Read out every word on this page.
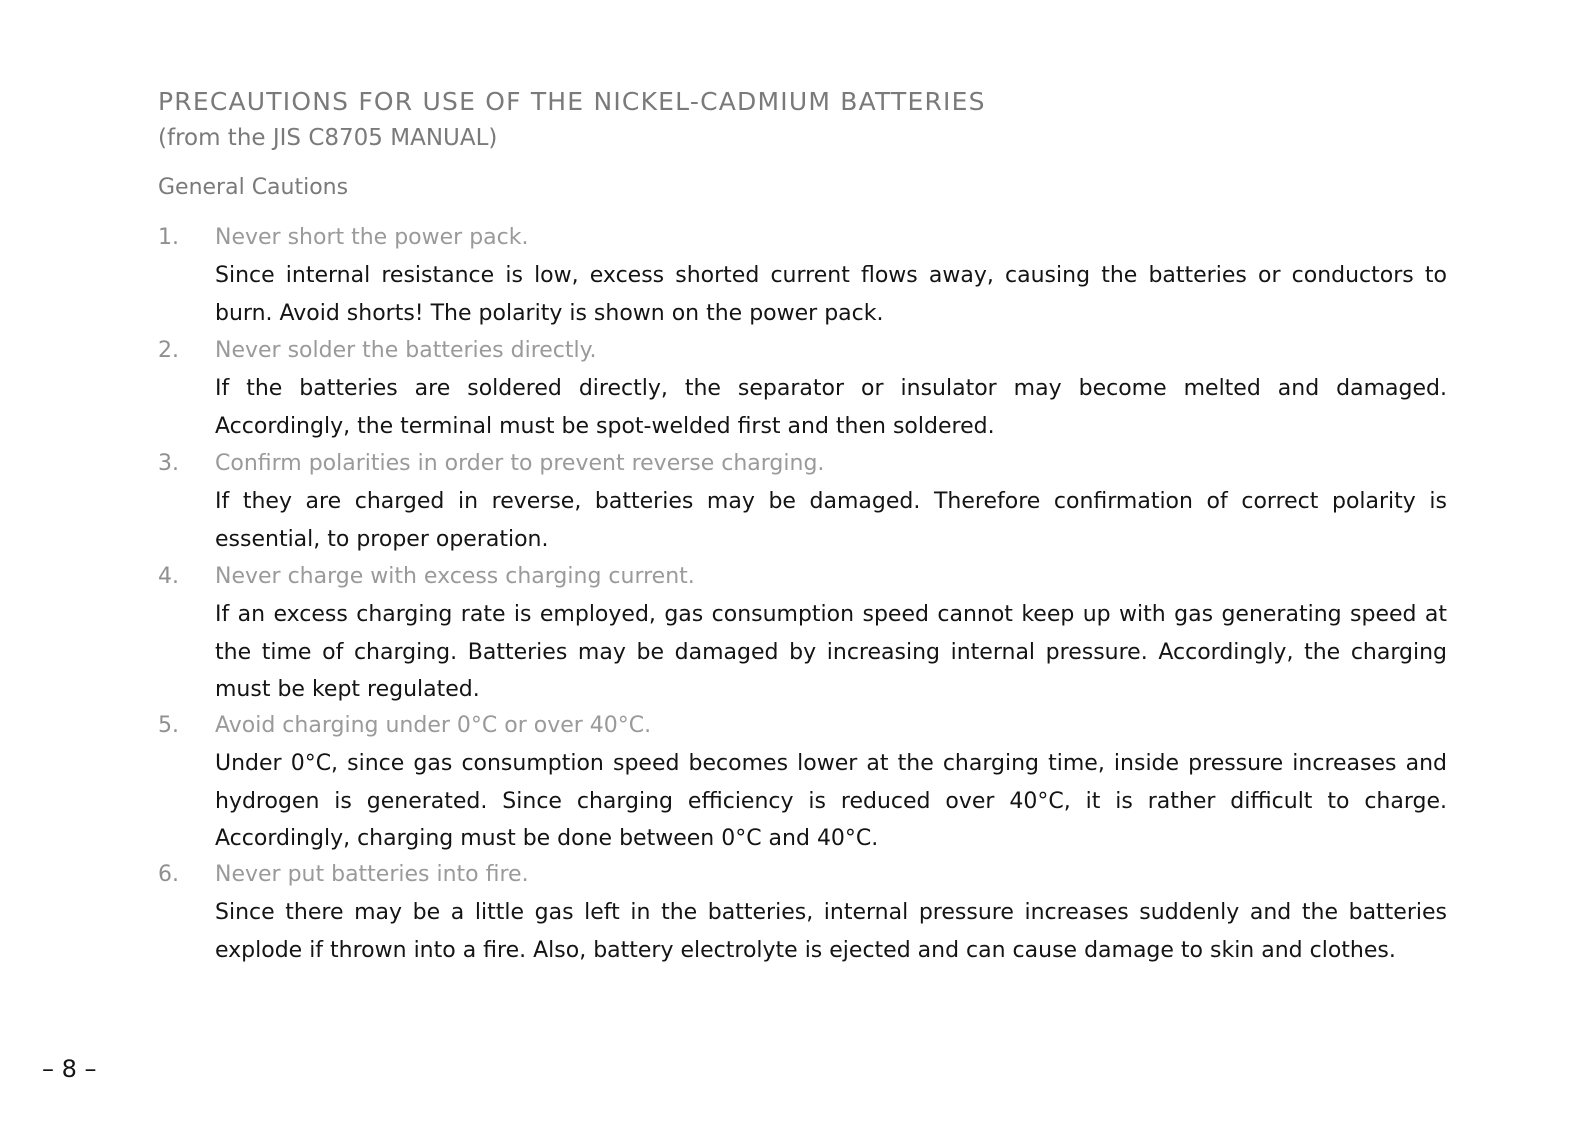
PRECAUTIONS FOR USE OF THE NICKEL-CADMIUM BATTERIES
(from the JIS C8705 MANUAL)
General Cautions
1.	Never short the power pack.
Since internal resistance is low, excess shorted current flows away, causing the batteries or conductors to burn. Avoid shorts! The polarity is shown on the power pack.
2.	Never solder the batteries directly.
If the batteries are soldered directly, the separator or insulator may become melted and damaged. Accordingly, the terminal must be spot-welded first and then soldered.
3.	Confirm polarities in order to prevent reverse charging.
If they are charged in reverse, batteries may be damaged. Therefore confirmation of correct polarity is essential, to proper operation.
4.	Never charge with excess charging current.
If an excess charging rate is employed, gas consumption speed cannot keep up with gas generating speed at the time of charging. Batteries may be damaged by increasing internal pressure. Accordingly, the charging must be kept regulated.
5.	Avoid charging under 0°C or over 40°C.
Under 0°C, since gas consumption speed becomes lower at the charging time, inside pressure increases and hydrogen is generated. Since charging efficiency is reduced over 40°C, it is rather difficult to charge. Accordingly, charging must be done between 0°C and 40°C.
6.	Never put batteries into fire.
Since there may be a little gas left in the batteries, internal pressure increases suddenly and the batteries explode if thrown into a fire. Also, battery electrolyte is ejected and can cause damage to skin and clothes.
– 8 –
